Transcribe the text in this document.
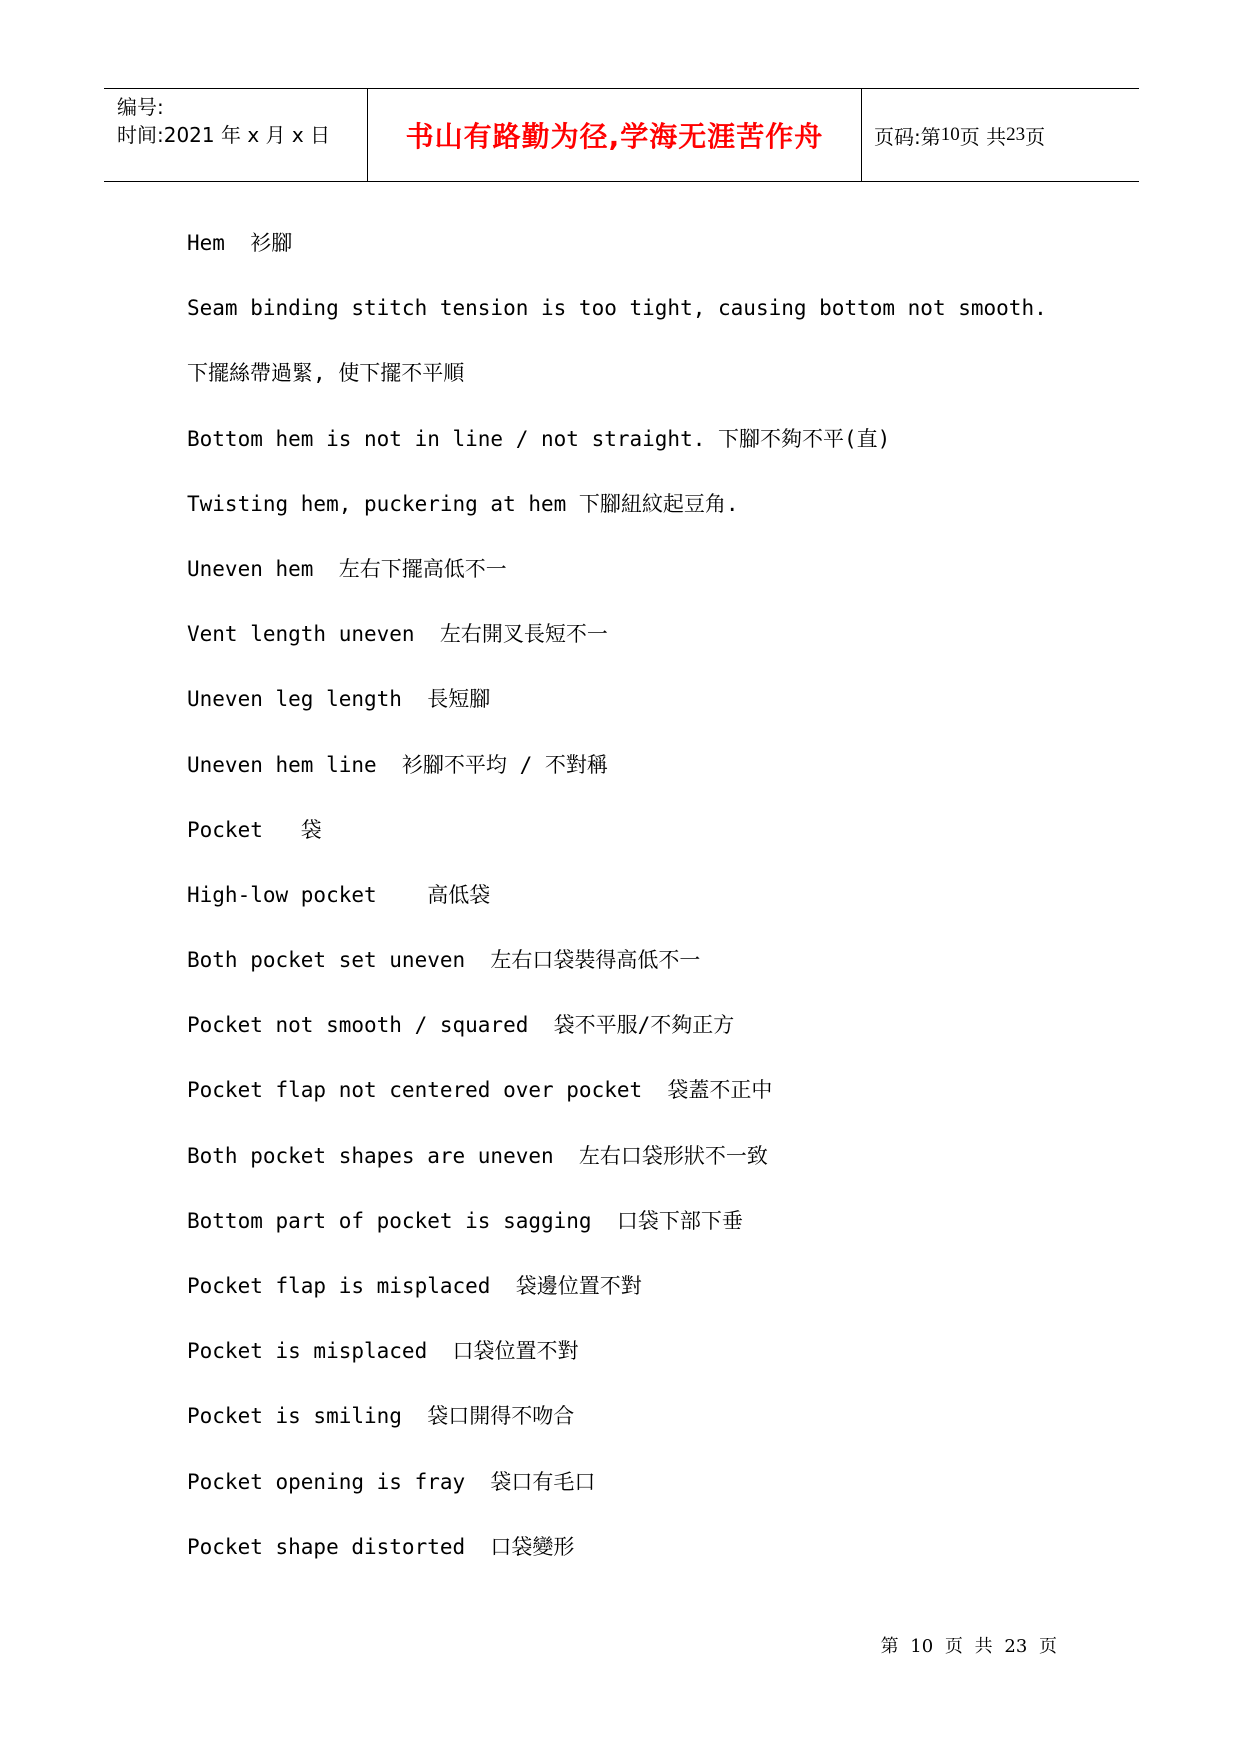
编号:
时间:2021 年 x 月 x 日	书山有路勤为径,学海无涯苦作舟	页码:第 10 页 共 23 页
Hem  衫腳
Seam binding stitch tension is too tight, causing bottom not smooth.
下擺絲帶過緊, 使下擺不平順
Bottom hem is not in line / not straight. 下腳不夠不平(直)
Twisting hem, puckering at hem 下腳紐紋起豆角.
Uneven hem  左右下擺高低不一
Vent length uneven  左右開叉長短不一
Uneven leg length  長短腳
Uneven hem line  衫腳不平均 / 不對稱
Pocket   袋
High-low pocket    高低袋
Both pocket set uneven  左右口袋裝得高低不一
Pocket not smooth / squared  袋不平服/不夠正方
Pocket flap not centered over pocket  袋蓋不正中
Both pocket shapes are uneven  左右口袋形狀不一致
Bottom part of pocket is sagging  口袋下部下垂
Pocket flap is misplaced  袋邊位置不對
Pocket is misplaced  口袋位置不對
Pocket is smiling  袋口開得不吻合
Pocket opening is fray  袋口有毛口
Pocket shape distorted  口袋變形
第 10 页 共 23 页
